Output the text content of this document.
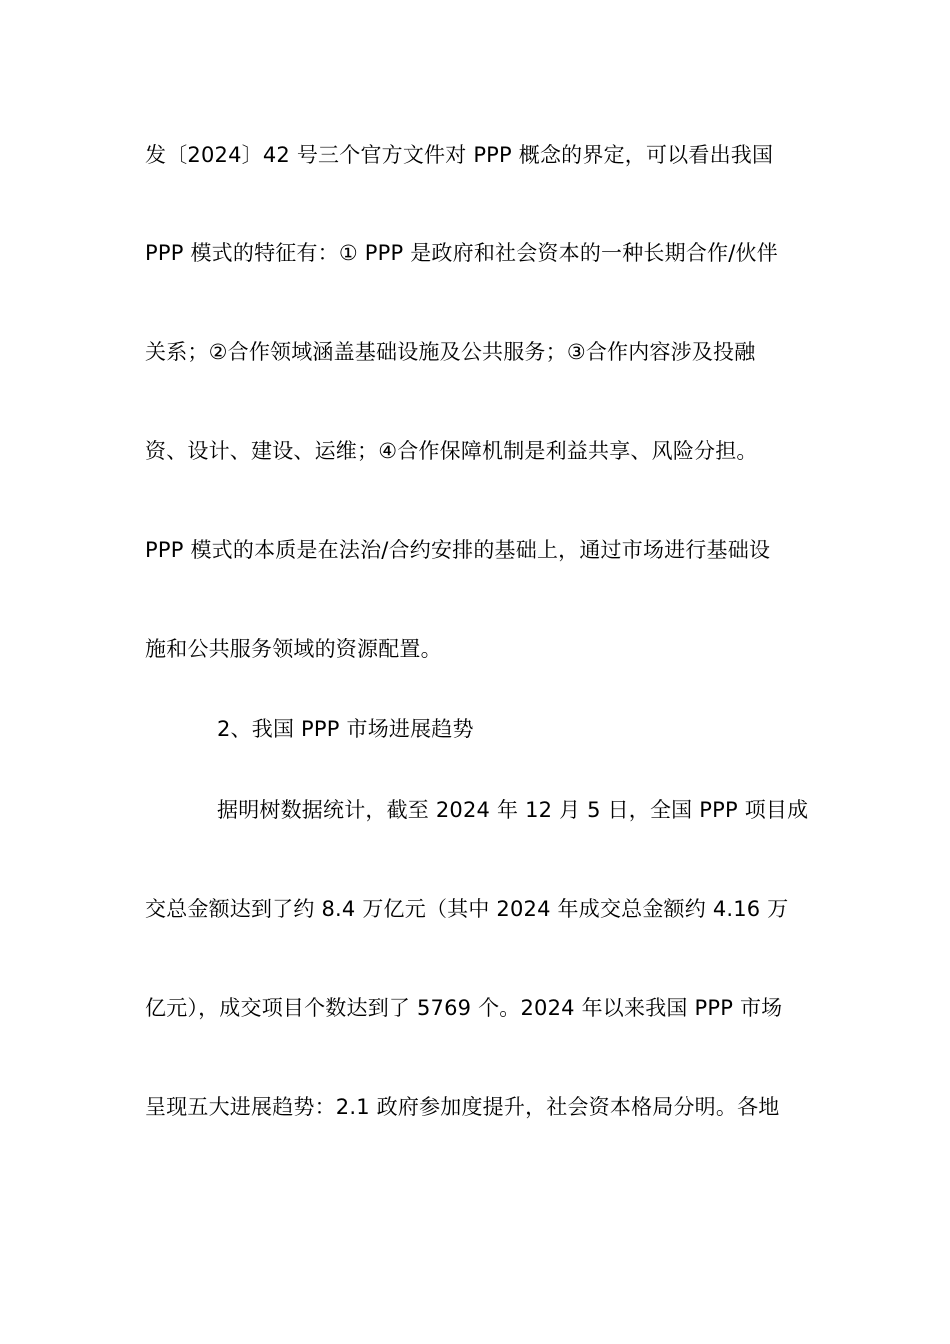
发〔2024〕42 号三个官方文件对 PPP 概念的界定，可以看出我国
PPP 模式的特征有：① PPP 是政府和社会资本的一种长期合作/伙伴
关系；②合作领域涵盖基础设施及公共服务；③合作内容涉及投融
资、设计、建设、运维；④合作保障机制是利益共享、风险分担。
PPP 模式的本质是在法治/合约安排的基础上，通过市场进行基础设
施和公共服务领域的资源配置。
2、我国 PPP 市场进展趋势
据明树数据统计，截至 2024 年 12 月 5 日，全国 PPP 项目成
交总金额达到了约 8.4 万亿元（其中 2024 年成交总金额约 4.16 万
亿元），成交项目个数达到了 5769 个。2024 年以来我国 PPP 市场
呈现五大进展趋势：2.1 政府参加度提升，社会资本格局分明。各地
